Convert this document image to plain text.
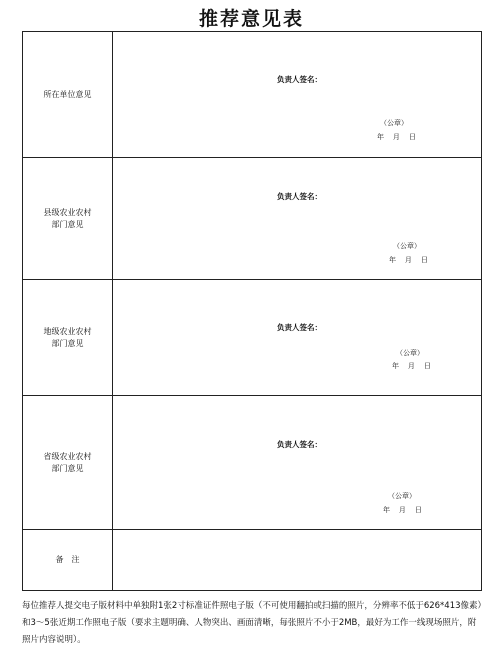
推荐意见表
所在单位意见
负责人签名：
（公章）
年 月 日
县级农业农村
部门意见
负责人签名：
（公章）
年 月 日
地级农业农村
部门意见
负责人签名：
（公章）
年 月 日
省级农业农村
部门意见
负责人签名：
（公章）
年 月 日
备　注
每位推荐人提交电子版材料中单独附1张2寸标准证件照电子版（不可使用翻拍或扫描的照片，分辨率不低于626*413像素）和3～5张近期工作照电子版（要求主题明确、人物突出、画面清晰，每张照片不小于2MB，最好为工作一线现场照片，附照片内容说明）。
